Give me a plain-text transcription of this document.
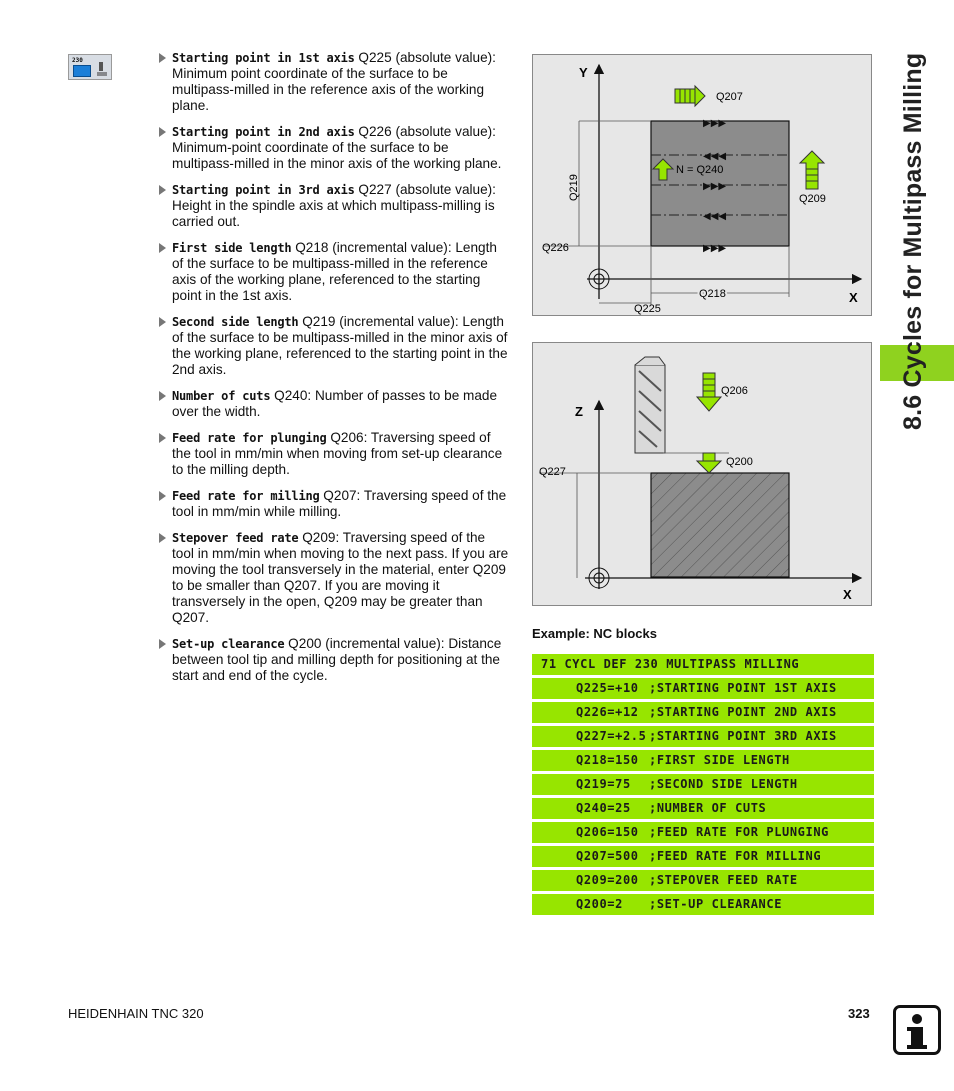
230	Starting point in 1st axis Q225 (absolute value): Minimum point coordinate of the surface to be multipass-milled in the reference axis of the working plane.
Starting point in 2nd axis Q226 (absolute value): Minimum-point coordinate of the surface to be multipass-milled in the minor axis of the working plane.
Starting point in 3rd axis Q227 (absolute value): Height in the spindle axis at which multipass-milling is carried out.
First side length Q218 (incremental value): Length of the surface to be multipass-milled in the reference axis of the working plane, referenced to the starting point in the 1st axis.
Second side length Q219 (incremental value): Length of the surface to be multipass-milled in the minor axis of the working plane, referenced to the starting point in the 2nd axis.
Number of cuts Q240: Number of passes to be made over the width.
Feed rate for plunging Q206: Traversing speed of the tool in mm/min when moving from set-up clearance to the milling depth.
Feed rate for milling Q207: Traversing speed of the tool in mm/min while milling.
Stepover feed rate Q209: Traversing speed of the tool in mm/min when moving to the next pass. If you are moving the tool transversely in the material, enter Q209 to be smaller than Q207. If you are moving it transversely in the open, Q209 may be greater than Q207.
Set-up clearance Q200 (incremental value): Distance between tool tip and milling depth for positioning at the start and end of the cycle.
Y
X
▶▶▶
◀◀◀
▶▶▶
◀◀◀
▶▶▶
Q207
N = Q240
Q209
Q219
Q226
Q218
Q225
Z
X
Q206
Q200
Q227
Example: NC blocks
71 CYCL DEF 230 MULTIPASS MILLING
Q225=+10 ;STARTING POINT 1ST AXIS
Q226=+12 ;STARTING POINT 2ND AXIS
Q227=+2.5 ;STARTING POINT 3RD AXIS
Q218=150 ;FIRST SIDE LENGTH
Q219=75 ;SECOND SIDE LENGTH
Q240=25 ;NUMBER OF CUTS
Q206=150 ;FEED RATE FOR PLUNGING
Q207=500 ;FEED RATE FOR MILLING
Q209=200 ;STEPOVER FEED RATE
Q200=2 ;SET-UP CLEARANCE
8.6 Cycles for Multipass Milling
HEIDENHAIN TNC 320	323
